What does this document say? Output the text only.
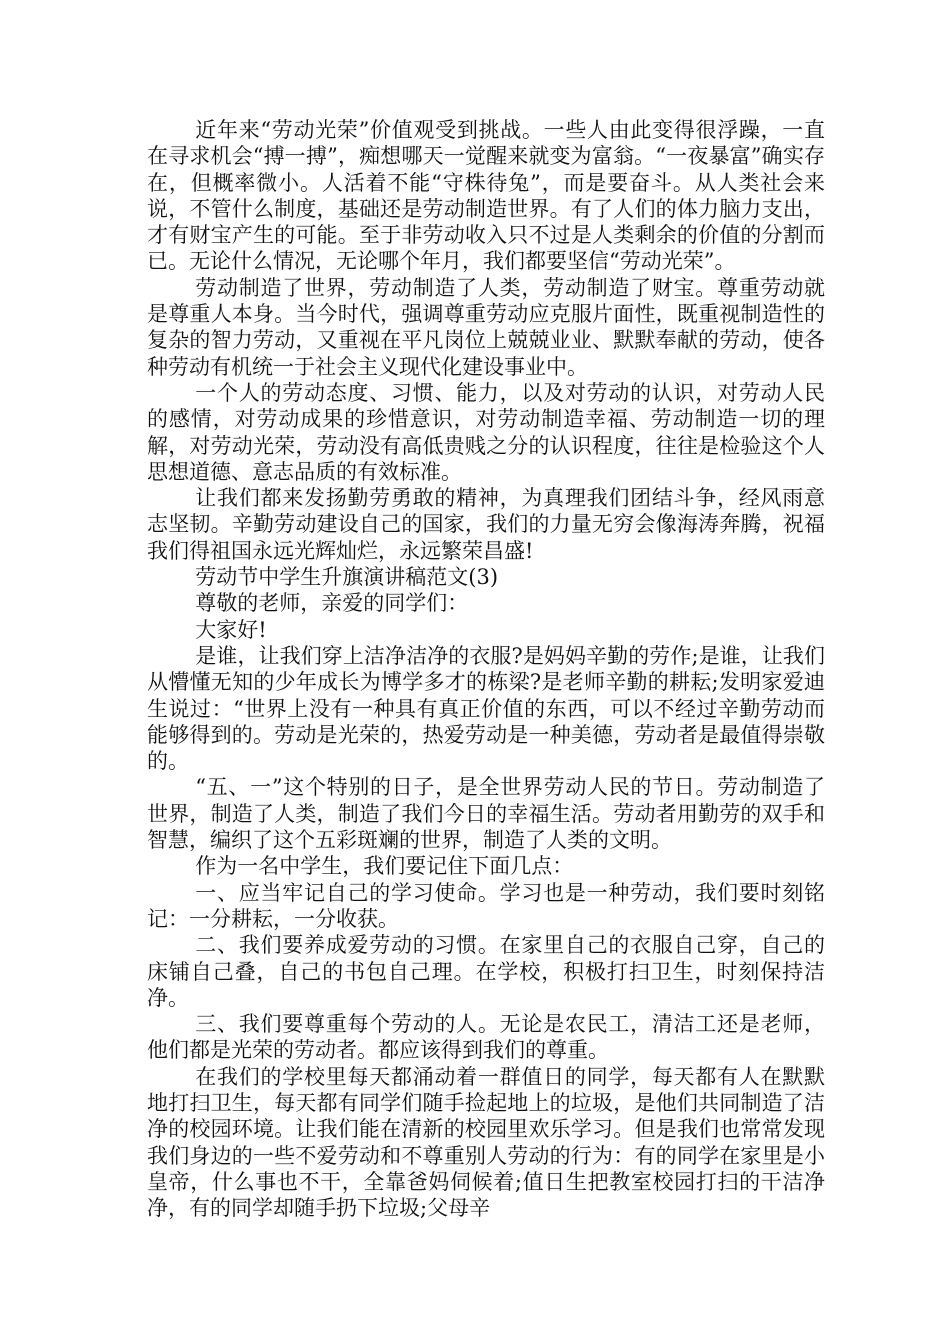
近年来“劳动光荣”价值观受到挑战。一些人由此变得很浮躁，一直在寻求机会“搏一搏”，痴想哪天一觉醒来就变为富翁。“一夜暴富”确实存在，但概率微小。人活着不能“守株待兔”，而是要奋斗。从人类社会来说，不管什么制度，基础还是劳动制造世界。有了人们的体力脑力支出，才有财宝产生的可能。至于非劳动收入只不过是人类剩余的价值的分割而已。无论什么情况，无论哪个年月，我们都要坚信“劳动光荣”。

劳动制造了世界，劳动制造了人类，劳动制造了财宝。尊重劳动就是尊重人本身。当今时代，强调尊重劳动应克服片面性，既重视制造性的复杂的智力劳动，又重视在平凡岗位上兢兢业业、默默奉献的劳动，使各种劳动有机统一于社会主义现代化建设事业中。

一个人的劳动态度、习惯、能力，以及对劳动的认识，对劳动人民的感情，对劳动成果的珍惜意识，对劳动制造幸福、劳动制造一切的理解，对劳动光荣，劳动没有高低贵贱之分的认识程度，往往是检验这个人思想道德、意志品质的有效标准。

让我们都来发扬勤劳勇敢的精神，为真理我们团结斗争，经风雨意志坚韧。辛勤劳动建设自己的国家，我们的力量无穷会像海涛奔腾，祝福我们得祖国永远光辉灿烂，永远繁荣昌盛!

劳动节中学生升旗演讲稿范文(3)

尊敬的老师，亲爱的同学们：

大家好!

是谁，让我们穿上洁净洁净的衣服?是妈妈辛勤的劳作;是谁，让我们从懵懂无知的少年成长为博学多才的栋梁?是老师辛勤的耕耘;发明家爱迪生说过：“世界上没有一种具有真正价值的东西，可以不经过辛勤劳动而能够得到的。劳动是光荣的，热爱劳动是一种美德，劳动者是最值得崇敬的。

“五、一”这个特别的日子，是全世界劳动人民的节日。劳动制造了世界，制造了人类，制造了我们今日的幸福生活。劳动者用勤劳的双手和智慧，编织了这个五彩斑斓的世界，制造了人类的文明。

作为一名中学生，我们要记住下面几点：

一、应当牢记自己的学习使命。学习也是一种劳动，我们要时刻铭记：一分耕耘，一分收获。

二、我们要养成爱劳动的习惯。在家里自己的衣服自己穿，自己的床铺自己叠，自己的书包自己理。在学校，积极打扫卫生，时刻保持洁净。

三、我们要尊重每个劳动的人。无论是农民工，清洁工还是老师，他们都是光荣的劳动者。都应该得到我们的尊重。

在我们的学校里每天都涌动着一群值日的同学，每天都有人在默默地打扫卫生，每天都有同学们随手捡起地上的垃圾，是他们共同制造了洁净的校园环境。让我们能在清新的校园里欢乐学习。但是我们也常常发现我们身边的一些不爱劳动和不尊重别人劳动的行为：有的同学在家里是小皇帝，什么事也不干，全靠爸妈伺候着;值日生把教室校园打扫的干洁净净，有的同学却随手扔下垃圾;父母辛
